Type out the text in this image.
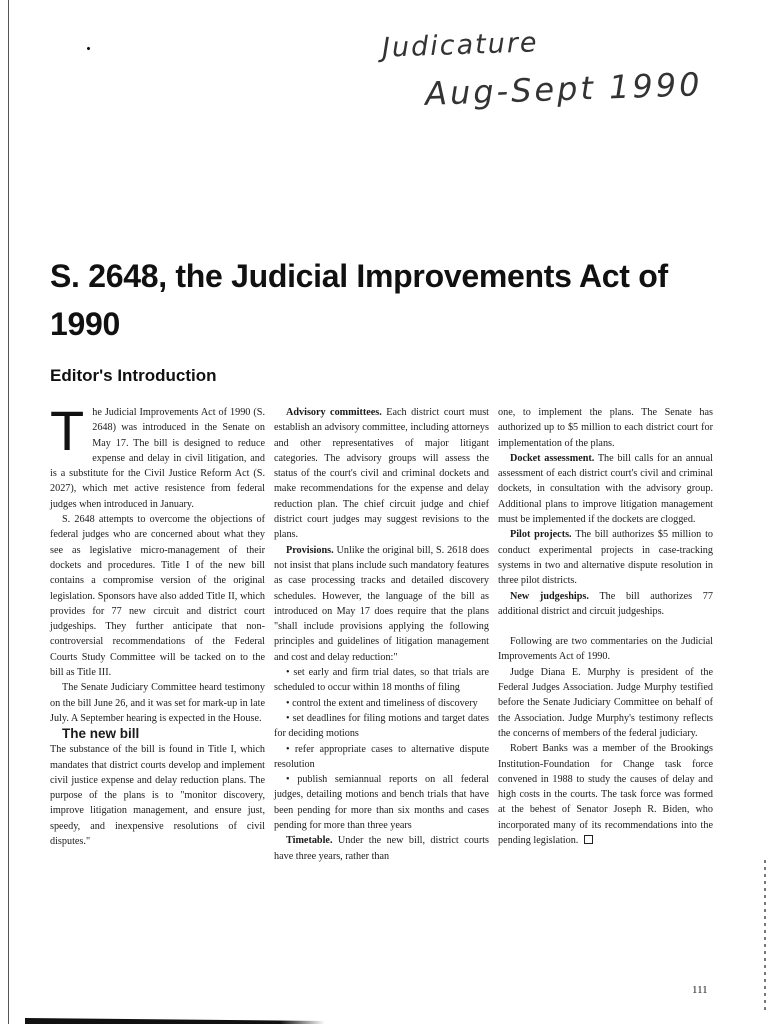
Judicature

Aug-Sept 1990

S. 2648, the Judicial Improvements Act of 1990
Editor's Introduction

The Judicial Improvements Act of 1990 (S. 2648) was introduced in the Senate on May 17. The bill is designed to reduce expense and delay in civil litigation, and is a substitute for the Civil Justice Reform Act (S. 2027), which met active resistence from federal judges when introduced in January.

S. 2648 attempts to overcome the objections of federal judges who are concerned about what they see as legislative micro-management of their dockets and procedures. Title I of the new bill contains a compromise version of the original legislation. Sponsors have also added Title II, which provides for 77 new circuit and district court judgeships. They further anticipate that non-controversial recommendations of the Federal Courts Study Committee will be tacked on to the bill as Title III.

The Senate Judiciary Committee heard testimony on the bill June 26, and it was set for mark-up in late July. A September hearing is expected in the House.

The new bill

The substance of the bill is found in Title I, which mandates that district courts develop and implement civil justice expense and delay reduction plans. The purpose of the plans is to "monitor discovery, improve litigation management, and ensure just, speedy, and inexpensive resolutions of civil disputes."

Advisory committees. Each district court must establish an advisory committee, including attorneys and other representatives of major litigant categories. The advisory groups will assess the status of the court's civil and criminal dockets and make recommendations for the expense and delay reduction plan. The chief circuit judge and chief district court judges may suggest revisions to the plans.

Provisions. Unlike the original bill, S. 2618 does not insist that plans include such mandatory features as case processing tracks and detailed discovery schedules. However, the language of the bill as introduced on May 17 does require that the plans "shall include provisions applying the following principles and guidelines of litigation management and cost and delay reduction:"

• set early and firm trial dates, so that trials are scheduled to occur within 18 months of filing

• control the extent and timeliness of discovery

• set deadlines for filing motions and target dates for deciding motions

• refer appropriate cases to alternative dispute resolution

• publish semiannual reports on all federal judges, detailing motions and bench trials that have been pending for more than six months and cases pending for more than three years

Timetable. Under the new bill, district courts have three years, rather than

one, to implement the plans. The Senate has authorized up to $5 million to each district court for implementation of the plans.

Docket assessment. The bill calls for an annual assessment of each district court's civil and criminal dockets, in consultation with the advisory group. Additional plans to improve litigation management must be implemented if the dockets are clogged.

Pilot projects. The bill authorizes $5 million to conduct experimental projects in case-tracking systems in two and alternative dispute resolution in three pilot districts.

New judgeships. The bill authorizes 77 additional district and circuit judgeships.

Following are two commentaries on the Judicial Improvements Act of 1990.

Judge Diana E. Murphy is president of the Federal Judges Association. Judge Murphy testified before the Senate Judiciary Committee on behalf of the Association. Judge Murphy's testimony reflects the concerns of members of the federal judiciary.

Robert Banks was a member of the Brookings Institution-Foundation for Change task force convened in 1988 to study the causes of delay and high costs in the courts. The task force was formed at the behest of Senator Joseph R. Biden, who incorporated many of its recommendations into the pending legislation.

111
